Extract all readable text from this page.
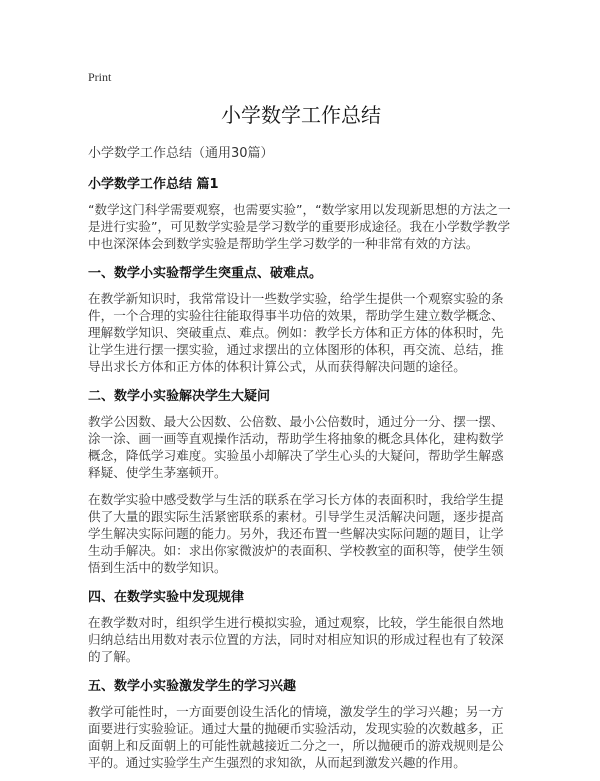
Print
小学数学工作总结
小学数学工作总结（通用30篇）
小学数学工作总结 篇1
“数学这门科学需要观察，也需要实验”，“数学家用以发现新思想的方法之一是进行实验”，可见数学实验是学习数学的重要形成途径。我在小学数学教学中也深深体会到数学实验是帮助学生学习数学的一种非常有效的方法。
一、数学小实验帮学生突重点、破难点。
在教学新知识时，我常常设计一些数学实验，给学生提供一个观察实验的条件，一个合理的实验往往能取得事半功倍的效果，帮助学生建立数学概念、理解数学知识、突破重点、难点。例如：教学长方体和正方体的体积时，先让学生进行摆一摆实验，通过求摆出的立体图形的体积，再交流、总结，推导出求长方体和正方体的体积计算公式，从而获得解决问题的途径。
二、数学小实验解决学生大疑问
教学公因数、最大公因数、公倍数、最小公倍数时，通过分一分、摆一摆、涂一涂、画一画等直观操作活动，帮助学生将抽象的概念具体化，建构数学概念，降低学习难度。实验虽小却解决了学生心头的大疑问，帮助学生解惑释疑、使学生茅塞顿开。
在数学实验中感受数学与生活的联系在学习长方体的表面积时，我给学生提供了大量的跟实际生活紧密联系的素材。引导学生灵活解决问题，逐步提高学生解决实际问题的能力。另外，我还布置一些解决实际问题的题目，让学生动手解决。如：求出你家微波炉的表面积、学校教室的面积等，使学生领悟到生活中的数学知识。
四、在数学实验中发现规律
在教学数对时，组织学生进行模拟实验，通过观察，比较，学生能很自然地归纳总结出用数对表示位置的方法，同时对相应知识的形成过程也有了较深的了解。
五、数学小实验激发学生的学习兴趣
教学可能性时，一方面要创设生活化的情境，激发学生的学习兴趣；另一方面要进行实验验证。通过大量的抛硬币实验活动，发现实验的次数越多，正面朝上和反面朝上的可能性就越接近二分之一，所以抛硬币的游戏规则是公平的。通过实验学生产生强烈的求知欲，从而起到激发兴趣的作用。
